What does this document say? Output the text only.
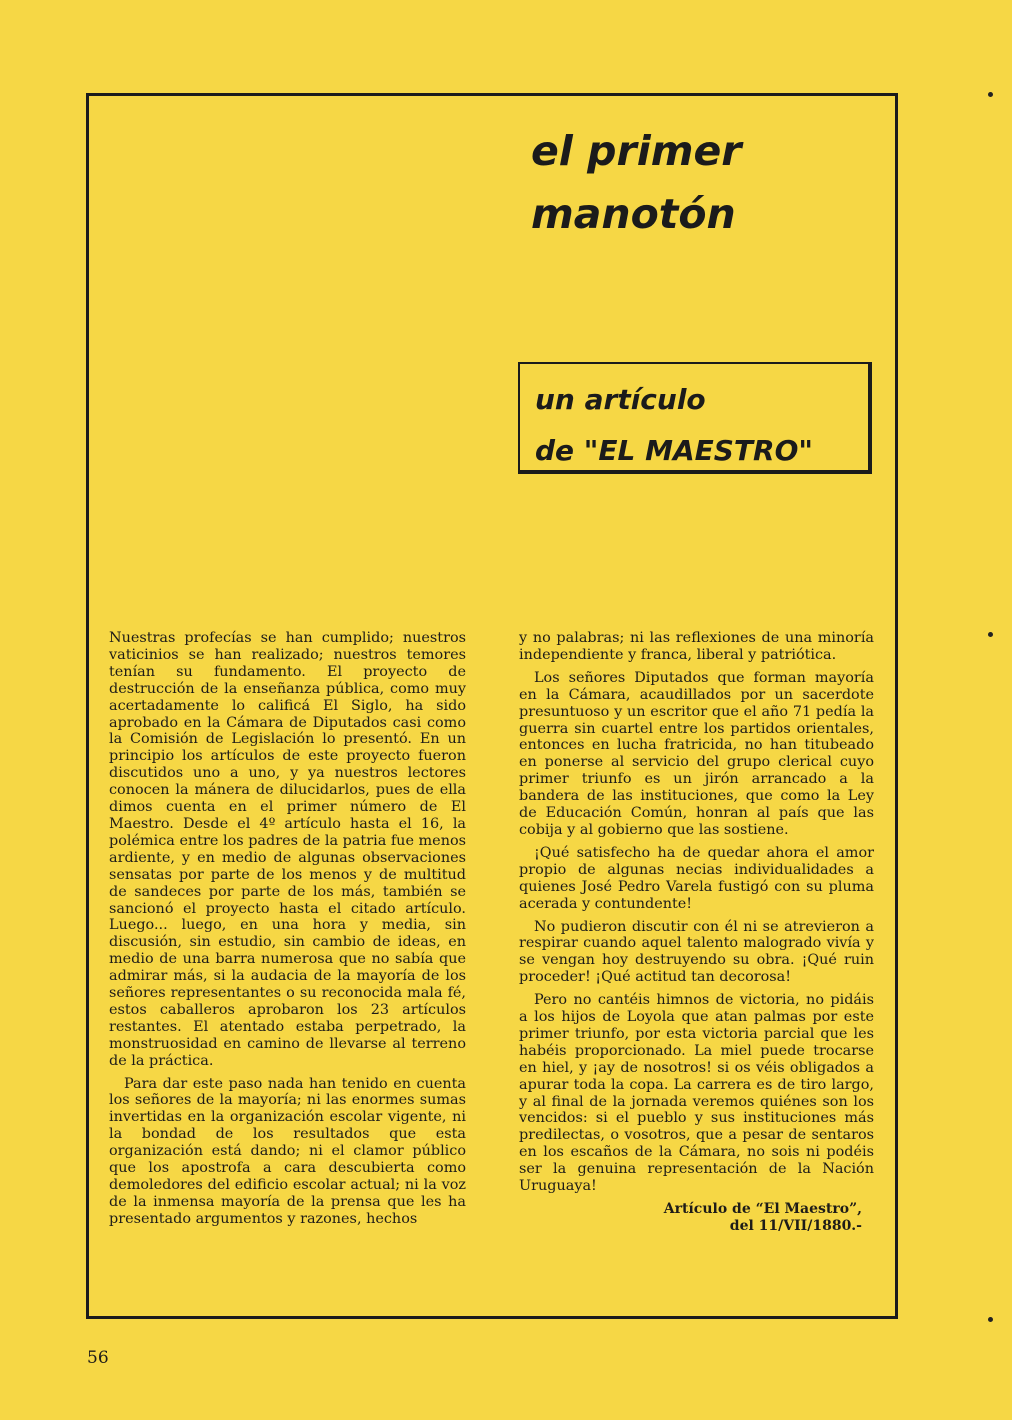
el primer
manotón
un artículo
de "EL MAESTRO"

Nuestras profecías se han cumplido; nuestros vaticinios se han realizado; nuestros temores tenían su fundamento. El proyecto de destrucción de la enseñanza pública, como muy acertadamente lo calificá El Siglo, ha sido aprobado en la Cámara de Diputados casi como la Comisión de Legislación lo presentó. En un principio los artículos de este proyecto fueron discutidos uno a uno, y ya nuestros lectores conocen la mánera de dilucidarlos, pues de ella dimos cuenta en el primer número de El Maestro. Desde el 4º artículo hasta el 16, la polémica entre los padres de la patria fue menos ardiente, y en medio de algunas observaciones sensatas por parte de los menos y de multitud de sandeces por parte de los más, también se sancionó el proyecto hasta el citado artículo. Luego... luego, en una hora y media, sin discusión, sin estudio, sin cambio de ideas, en medio de una barra numerosa que no sabía que admirar más, si la audacia de la mayoría de los señores representantes o su reconocida mala fé, estos caballeros aprobaron los 23 artículos restantes. El atentado estaba perpetrado, la monstruosidad en camino de llevarse al terreno de la práctica.

Para dar este paso nada han tenido en cuenta los señores de la mayoría; ni las enormes sumas invertidas en la organización escolar vigente, ni la bondad de los resultados que esta organización está dando; ni el clamor público que los apostrofa a cara descubierta como demoledores del edificio escolar actual; ni la voz de la inmensa mayoría de la prensa que les ha presentado argumentos y razones, hechos

y no palabras; ni las reflexiones de una minoría independiente y franca, liberal y patriótica.

Los señores Diputados que forman mayoría en la Cámara, acaudillados por un sacerdote presuntuoso y un escritor que el año 71 pedía la guerra sin cuartel entre los partidos orientales, entonces en lucha fratricida, no han titubeado en ponerse al servicio del grupo clerical cuyo primer triunfo es un jirón arrancado a la bandera de las instituciones, que como la Ley de Educación Común, honran al país que las cobija y al gobierno que las sostiene.

¡Qué satisfecho ha de quedar ahora el amor propio de algunas necias individualidades a quienes José Pedro Varela fustigó con su pluma acerada y contundente!

No pudieron discutir con él ni se atrevieron a respirar cuando aquel talento malogrado vivía y se vengan hoy destruyendo su obra. ¡Qué ruin proceder! ¡Qué actitud tan decorosa!

Pero no cantéis himnos de victoria, no pidáis a los hijos de Loyola que atan palmas por este primer triunfo, por esta victoria parcial que les habéis proporcionado. La miel puede trocarse en hiel, y ¡ay de nosotros! si os véis obligados a apurar toda la copa. La carrera es de tiro largo, y al final de la jornada veremos quiénes son los vencidos: si el pueblo y sus instituciones más predilectas, o vosotros, que a pesar de sentaros en los escaños de la Cámara, no sois ni podéis ser la genuina representación de la Nación Uruguaya!

Artículo de “El Maestro”,
del 11/VII/1880.-
56
